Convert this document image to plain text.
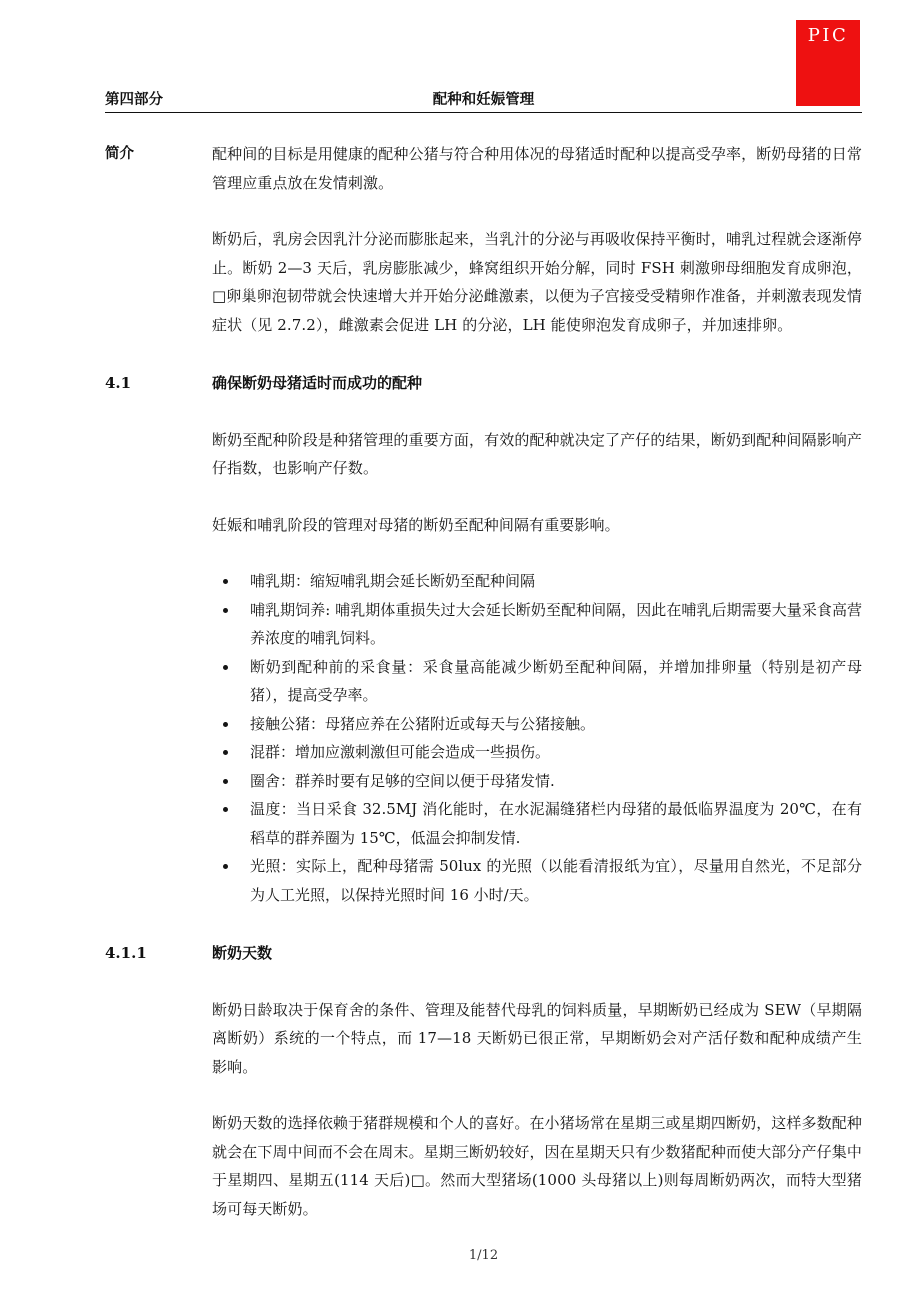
PIC
第四部分	配种和妊娠管理
简介	配种间的目标是用健康的配种公猪与符合种用体况的母猪适时配种以提高受孕率，断奶母猪的日常管理应重点放在发情刺激。

断奶后，乳房会因乳汁分泌而膨胀起来，当乳汁的分泌与再吸收保持平衡时，哺乳过程就会逐渐停止。断奶 2—3 天后，乳房膨胀减少，蜂窝组织开始分解，同时 FSH 刺激卵母细胞发育成卵泡，□卵巢卵泡韧带就会快速增大并开始分泌雌激素，以便为子宫接受受精卵作准备，并刺激表现发情症状（见 2.7.2），雌激素会促进 LH 的分泌，LH 能使卵泡发育成卵子，并加速排卵。

4.1	确保断奶母猪适时而成功的配种

断奶至配种阶段是种猪管理的重要方面，有效的配种就决定了产仔的结果，断奶到配种间隔影响产仔指数，也影响产仔数。

妊娠和哺乳阶段的管理对母猪的断奶至配种间隔有重要影响。

哺乳期：缩短哺乳期会延长断奶至配种间隔
哺乳期饲养: 哺乳期体重损失过大会延长断奶至配种间隔，因此在哺乳后期需要大量采食高营养浓度的哺乳饲料。
断奶到配种前的采食量：采食量高能减少断奶至配种间隔，并增加排卵量（特别是初产母猪），提高受孕率。
接触公猪：母猪应养在公猪附近或每天与公猪接触。
混群：增加应激刺激但可能会造成一些损伤。
圈舍：群养时要有足够的空间以便于母猪发情.
温度：当日采食 32.5MJ 消化能时，在水泥漏缝猪栏内母猪的最低临界温度为 20℃，在有稻草的群养圈为 15℃，低温会抑制发情.
光照：实际上，配种母猪需 50lux 的光照（以能看清报纸为宜），尽量用自然光，不足部分为人工光照，以保持光照时间 16 小时/天。
4.1.1	断奶天数

断奶日龄取决于保育舍的条件、管理及能替代母乳的饲料质量，早期断奶已经成为 SEW（早期隔离断奶）系统的一个特点，而 17—18 天断奶已很正常，早期断奶会对产活仔数和配种成绩产生影响。

断奶天数的选择依赖于猪群规模和个人的喜好。在小猪场常在星期三或星期四断奶，这样多数配种就会在下周中间而不会在周末。星期三断奶较好，因在星期天只有少数猪配种而使大部分产仔集中于星期四、星期五(114 天后)□。然而大型猪场(1000 头母猪以上)则每周断奶两次，而特大型猪场可每天断奶。

1/12
